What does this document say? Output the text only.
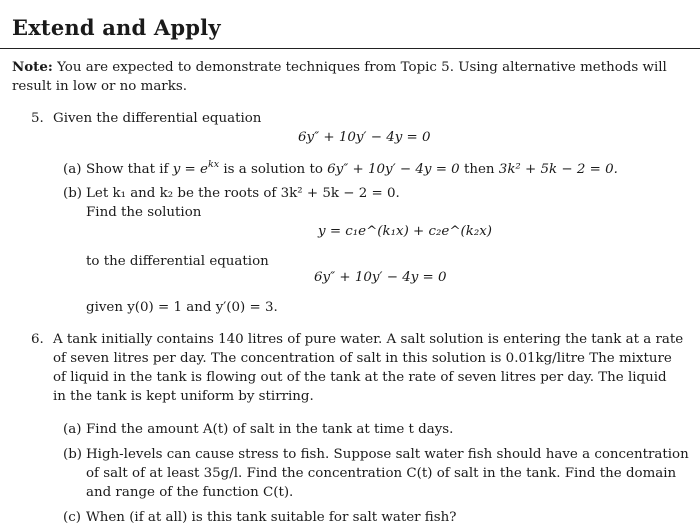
Extend and Apply
Note: You are expected to demonstrate techniques from Topic 5. Using alternative methods will
result in low or no marks.
5. Given the differential equation
6y″ + 10y′ − 4y = 0
(a) Show that if $y = e^{kx}$ is a solution to 6y″ + 10y′ − 4y = 0 then 3k² + 5k − 2 = 0.
(b) Let k₁ and k₂ be the roots of 3k² + 5k − 2 = 0.
Find the solution
y = c₁e^(k₁x) + c₂e^(k₂x)
to the differential equation
6y″ + 10y′ − 4y = 0
given y(0) = 1 and y′(0) = 3.
6. A tank initially contains 140 litres of pure water. A salt solution is entering the tank at a rate
of seven litres per day. The concentration of salt in this solution is 0.01kg/litre The mixture
of liquid in the tank is flowing out of the tank at the rate of seven litres per day. The liquid
in the tank is kept uniform by stirring.
(a) Find the amount A(t) of salt in the tank at time t days.
(b) High-levels can cause stress to fish. Suppose salt water fish should have a concentration
of salt of at least 35g/l. Find the concentration C(t) of salt in the tank. Find the domain
and range of the function C(t).
(c) When (if at all) is this tank suitable for salt water fish?
